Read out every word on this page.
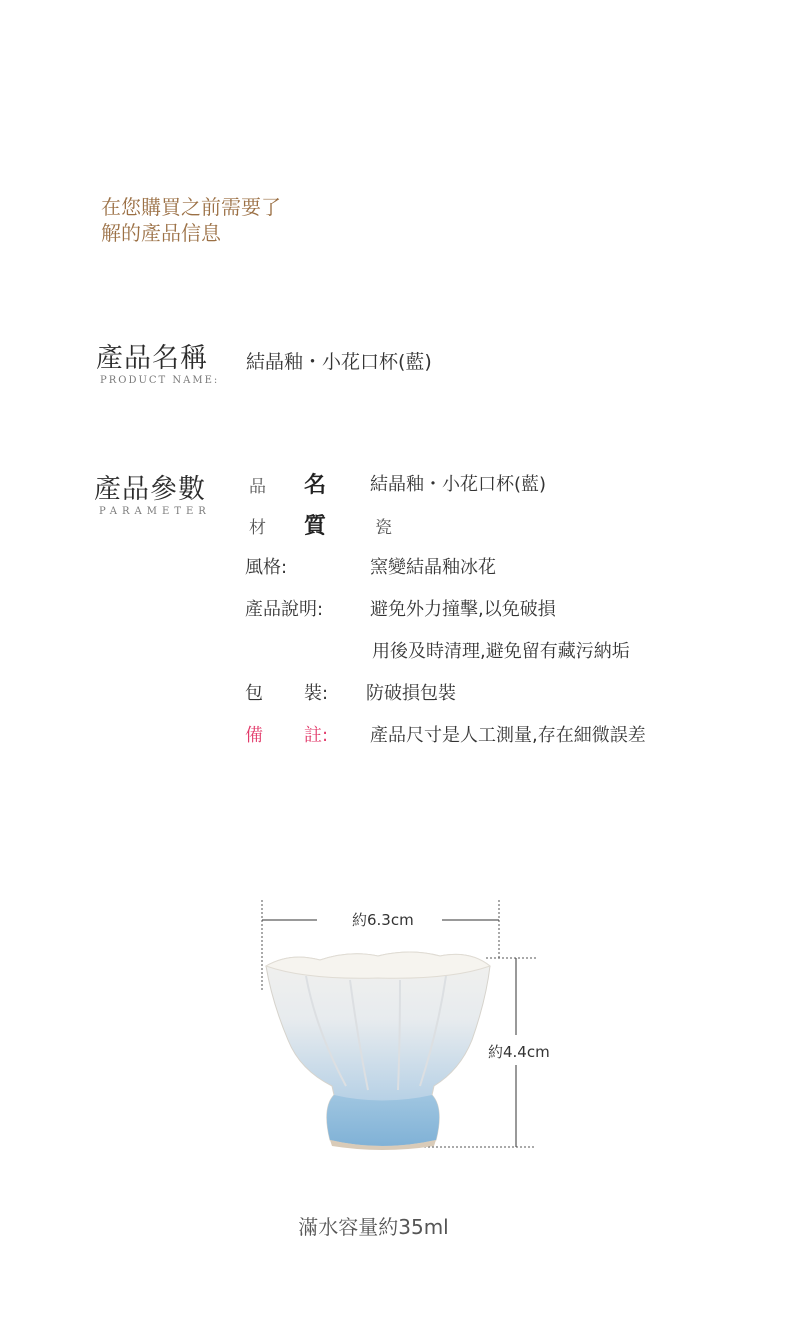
在您購買之前需要了
解的產品信息
產品名稱
PRODUCT NAME:
結晶釉・小花口杯(藍)
產品參數
PARAMETER
品 名 結晶釉・小花口杯(藍)
材 質	瓷
風格:	窯變結晶釉冰花
產品說明:	避免外力撞擊,以免破損
用後及時清理,避免留有藏污納垢
包 裝: 防破損包裝
備 註: 產品尺寸是人工測量,存在細微誤差
約6.3cm
約4.4cm
滿水容量約35ml
